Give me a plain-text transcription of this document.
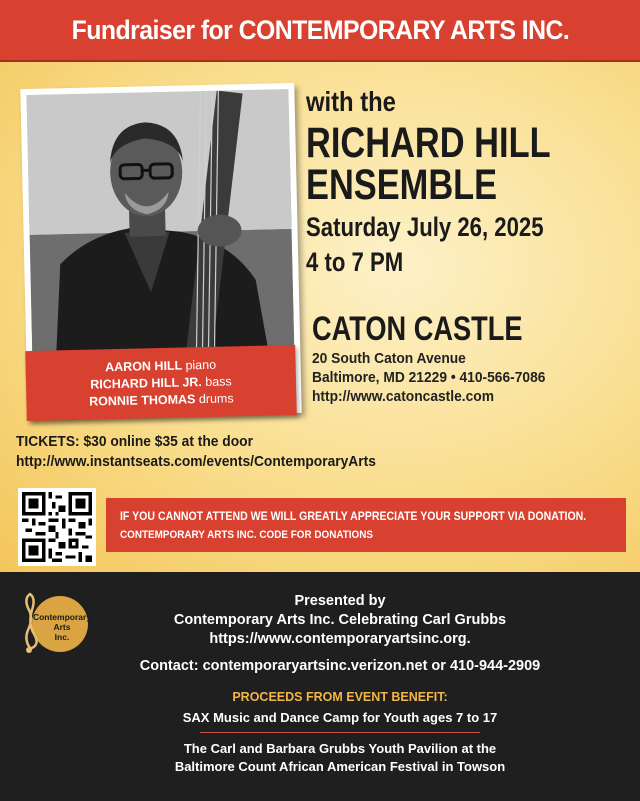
Fundraiser for CONTEMPORARY ARTS INC.
AARON HILL piano
RICHARD HILL JR. bass
RONNIE THOMAS drums
with the
RICHARD HILL
ENSEMBLE
Saturday July 26, 2025
4 to 7 PM
CATON CASTLE
20 South Caton Avenue
Baltimore, MD 21229 • 410-566-7086
http://www.catoncastle.com
TICKETS: $30 online $35 at the door
http://www.instantseats.com/events/ContemporaryArts
IF YOU CANNOT ATTEND WE WILL GREATLY APPRECIATE YOUR SUPPORT VIA DONATION.
CONTEMPORARY ARTS INC. CODE FOR DONATIONS
Contemporary
Arts
Inc.
Presented by
Contemporary Arts Inc. Celebrating Carl Grubbs
https://www.contemporaryartsinc.org.
Contact: contemporaryartsinc.verizon.net or 410-944-2909
PROCEEDS FROM EVENT BENEFIT:
SAX Music and Dance Camp for Youth ages 7 to 17
The Carl and Barbara Grubbs Youth Pavilion at the
Baltimore Count African American Festival in Towson
